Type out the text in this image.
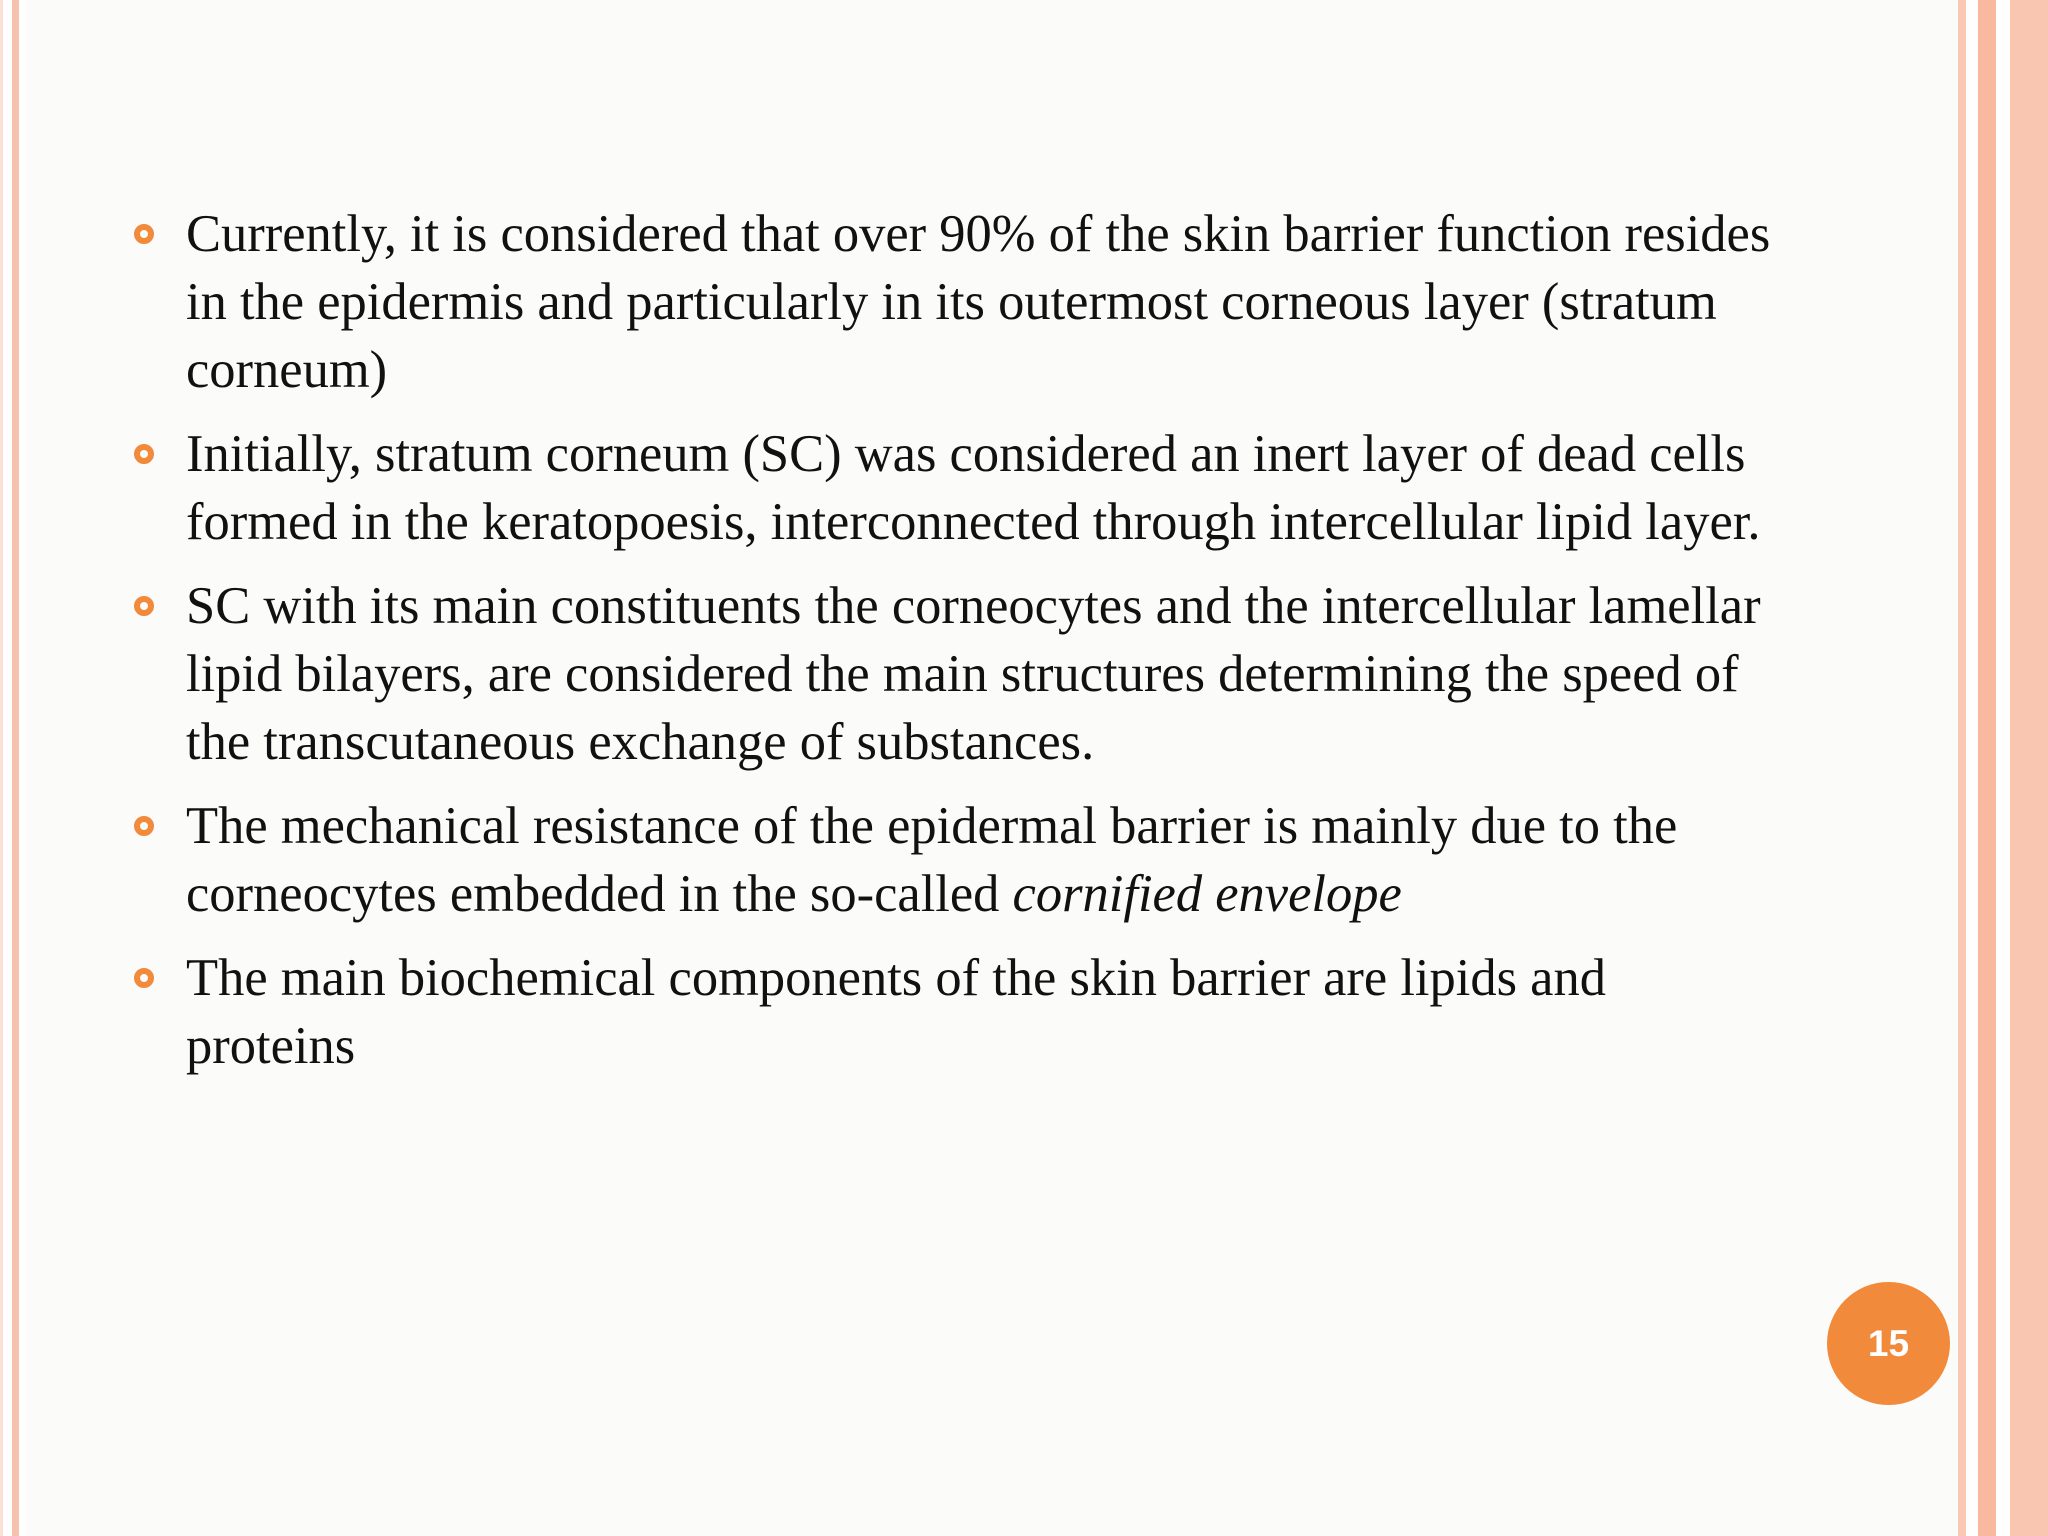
Currently, it is considered that over 90% of the skin barrier function resides in the epidermis and particularly in its outermost corneous layer (stratum corneum)
Initially, stratum corneum (SC) was considered an inert layer of dead cells formed in the keratopoesis, interconnected through intercellular lipid layer.
SC with its main constituents the corneocytes and the intercellular lamellar lipid bilayers, are considered the main structures determining the speed of the transcutaneous exchange of substances.
The mechanical resistance of the epidermal barrier is mainly due to the corneocytes embedded in the so-called cornified envelope
The main biochemical components of the skin barrier are lipids and proteins
15
